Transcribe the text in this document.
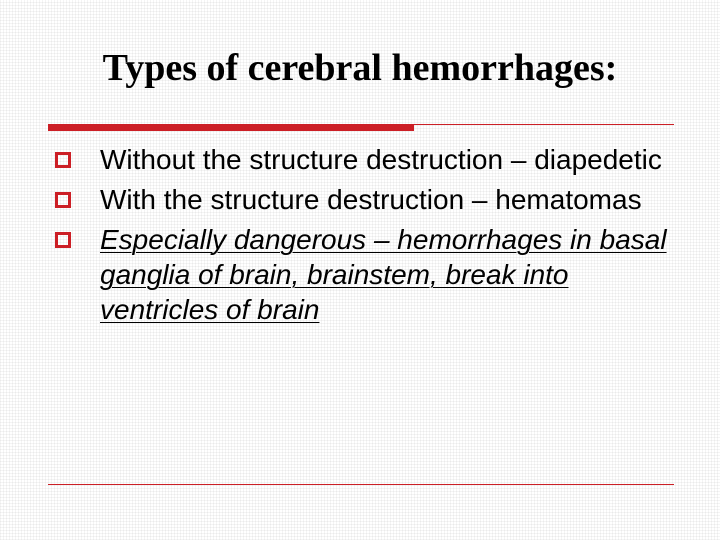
Types of cerebral hemorrhages:
Without the structure destruction – diapedetic
With the structure destruction – hematomas
Especially dangerous – hemorrhages in basal ganglia of brain, brainstem, break into ventricles of brain
